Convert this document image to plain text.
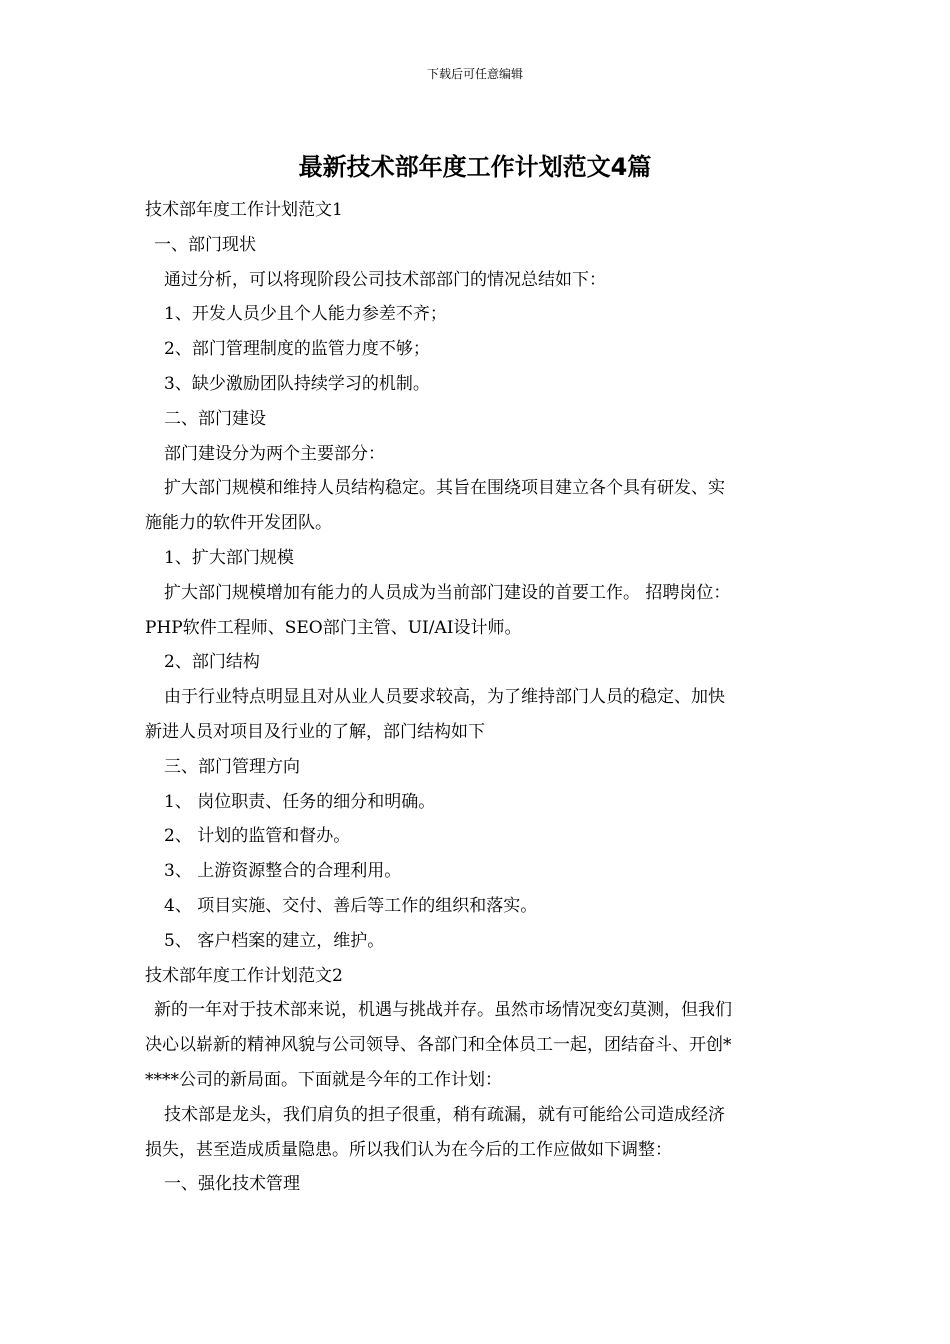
下载后可任意编辑
最新技术部年度工作计划范文4篇
技术部年度工作计划范文1
一、部门现状
通过分析，可以将现阶段公司技术部部门的情况总结如下：
1、开发人员少且个人能力参差不齐；
2、部门管理制度的监管力度不够；
3、缺少激励团队持续学习的机制。
二、部门建设
部门建设分为两个主要部分：
扩大部门规模和维持人员结构稳定。其旨在围绕项目建立各个具有研发、实
施能力的软件开发团队。
1、扩大部门规模
扩大部门规模增加有能力的人员成为当前部门建设的首要工作。 招聘岗位：
PHP软件工程师、SEO部门主管、UI/AI设计师。
2、部门结构
由于行业特点明显且对从业人员要求较高，为了维持部门人员的稳定、加快
新进人员对项目及行业的了解，部门结构如下
三、部门管理方向
1、 岗位职责、任务的细分和明确。
2、 计划的监管和督办。
3、 上游资源整合的合理利用。
4、 项目实施、交付、善后等工作的组织和落实。
5、 客户档案的建立，维护。
技术部年度工作计划范文2
新的一年对于技术部来说，机遇与挑战并存。虽然市场情况变幻莫测，但我们
决心以崭新的精神风貌与公司领导、各部门和全体员工一起，团结奋斗、开创*
****公司的新局面。下面就是今年的工作计划：
技术部是龙头，我们肩负的担子很重，稍有疏漏，就有可能给公司造成经济
损失，甚至造成质量隐患。所以我们认为在今后的工作应做如下调整：
一、强化技术管理
